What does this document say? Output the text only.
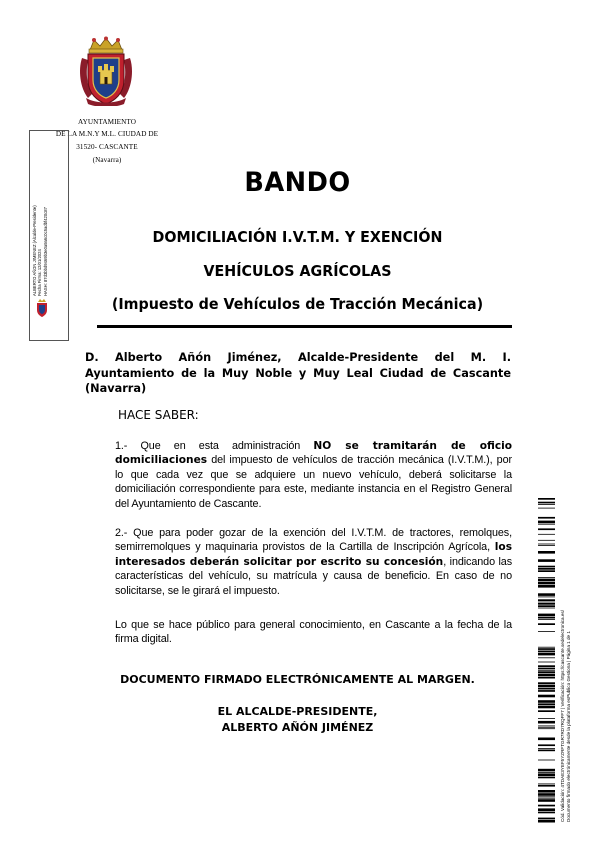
AYUNTAMIENTO
DE LA M.N.Y M.L. CIUDAD DE
31520- CASCANTE
(Navarra)
ALBERTO AÑON JIMENEZ (Alcalde-Presidente) Fecha Firma: 12/01/2024 HASH: 87d3bbd9469b3e0a9a6c0c5adbf420c87
BANDO
DOMICILIACIÓN I.V.T.M. Y EXENCIÓN
VEHÍCULOS AGRÍCOLAS
(Impuesto de Vehículos de Tracción Mecánica)
D. Alberto Añón Jiménez, Alcalde-Presidente del M. I. Ayuntamiento de la Muy Noble y Muy Leal Ciudad de Cascante (Navarra)
HACE SABER:
1.- Que en esta administración NO se tramitarán de oficio domiciliaciones del impuesto de vehículos de tracción mecánica (I.V.T.M.), por lo que cada vez que se adquiere un nuevo vehículo, deberá solicitarse la domiciliación correspondiente para este, mediante instancia en el Registro General del Ayuntamiento de Cascante.
2.- Que para poder gozar de la exención del I.V.T.M. de tractores, remolques, semirremolques y maquinaria provistos de la Cartilla de Inscripción Agrícola, los interesados deberán solicitar por escrito su concesión, indicando las características del vehículo, su matrícula y causa de beneficio. En caso de no solicitarse, se le girará el impuesto.
Lo que se hace público para general conocimiento, en Cascante a la fecha de la firma digital.
DOCUMENTO FIRMADO ELECTRÓNICAMENTE AL MARGEN.
EL ALCALDE-PRESIDENTE,
ALBERTO AÑÓN JIMÉNEZ	Cód. Validación: 4TDAE3YEF5YZRFTGR7RD7RQFF7 | Verificación: https://cascante.sedelectronica.es/ Documento firmado electrónicamente desde la plataforma esPublico Gestiona | Página 1 de 1
